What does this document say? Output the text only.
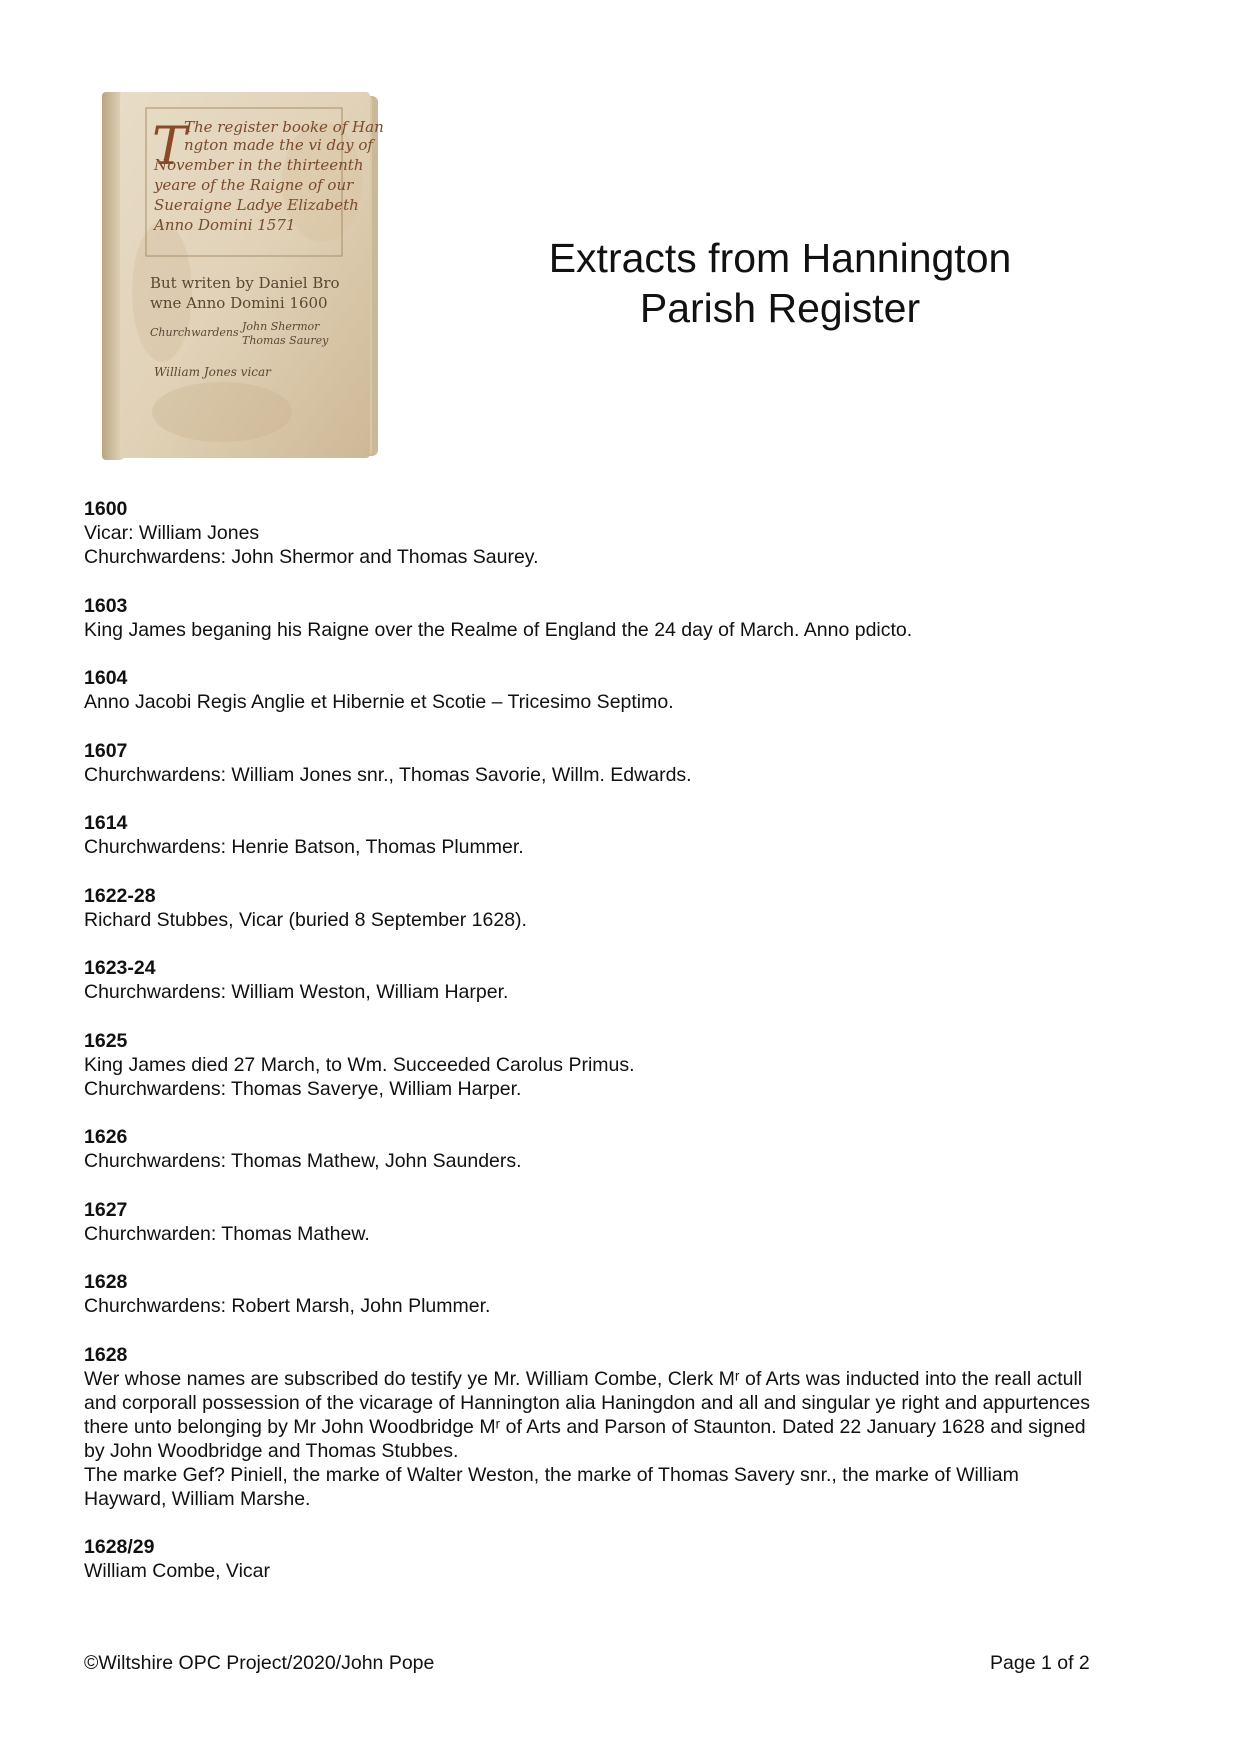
T
The register booke of Hanni
ngton made the vi day of
November in the thirteenth
yeare of the Raigne of our
Sueraigne Ladye Elizabeth
Anno Domini 1571
But writen by Daniel Bro
wne Anno Domini 1600
Churchwardens John Shermor
Thomas Saurey
William Jones vicar
Extracts from Hannington
Parish Register
1600
Vicar: William Jones
Churchwardens: John Shermor and Thomas Saurey.
1603
King James beganing his Raigne over the Realme of England the 24 day of March. Anno pdicto.
1604
Anno Jacobi Regis Anglie et Hibernie et Scotie – Tricesimo Septimo.
1607
Churchwardens: William Jones snr., Thomas Savorie, Willm. Edwards.
1614
Churchwardens: Henrie Batson, Thomas Plummer.
1622-28
Richard Stubbes, Vicar (buried 8 September 1628).
1623-24
Churchwardens: William Weston, William Harper.
1625
King James died 27 March, to Wm. Succeeded Carolus Primus.
Churchwardens: Thomas Saverye, William Harper.
1626
Churchwardens: Thomas Mathew, John Saunders.
1627
Churchwarden: Thomas Mathew.
1628
Churchwardens: Robert Marsh, John Plummer.
1628
Wer whose names are subscribed do testify ye Mr. William Combe, Clerk Mʳ of Arts was inducted into the reall actull
and corporall possession of the vicarage of Hannington alia Haningdon and all and singular ye right and appurtences
there unto belonging by Mr John Woodbridge Mʳ of Arts and Parson of Staunton. Dated 22 January 1628 and signed
by John Woodbridge and Thomas Stubbes.
The marke Gef? Piniell, the marke of Walter Weston, the marke of Thomas Savery snr., the marke of William
Hayward, William Marshe.
1628/29
William Combe, Vicar
©Wiltshire OPC Project/2020/John Pope	Page 1 of 2
